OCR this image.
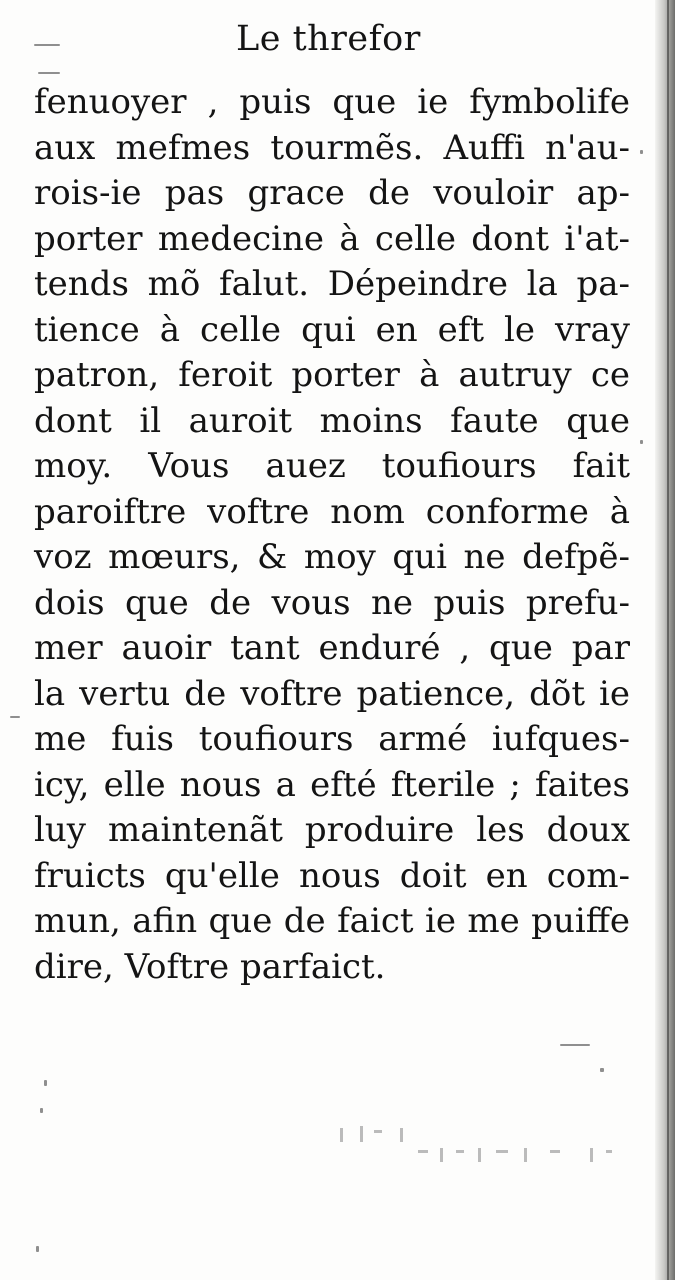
Le threfor
fenuoyer , puis que ie fymbolife
aux mefmes tourmẽs. Auffi n'au-
rois-ie pas grace de vouloir ap-
porter medecine à celle dont i'at-
tends mõ falut. Dépeindre la pa-
tience à celle qui en eft le vray
patron, feroit porter à autruy ce
dont il auroit moins faute que
moy. Vous auez toufiours fait
paroiftre voftre nom conforme à
voz mœurs, & moy qui ne defpẽ-
dois que de vous ne puis prefu-
mer auoir tant enduré , que par
la vertu de voftre patience, dõt ie
me fuis toufiours armé iufques-
icy, elle nous a efté fterile ; faites
luy maintenãt produire les doux
fruicts qu'elle nous doit en com-
mun, afin que de faict ie me puiffe
dire, Voftre parfaict.
